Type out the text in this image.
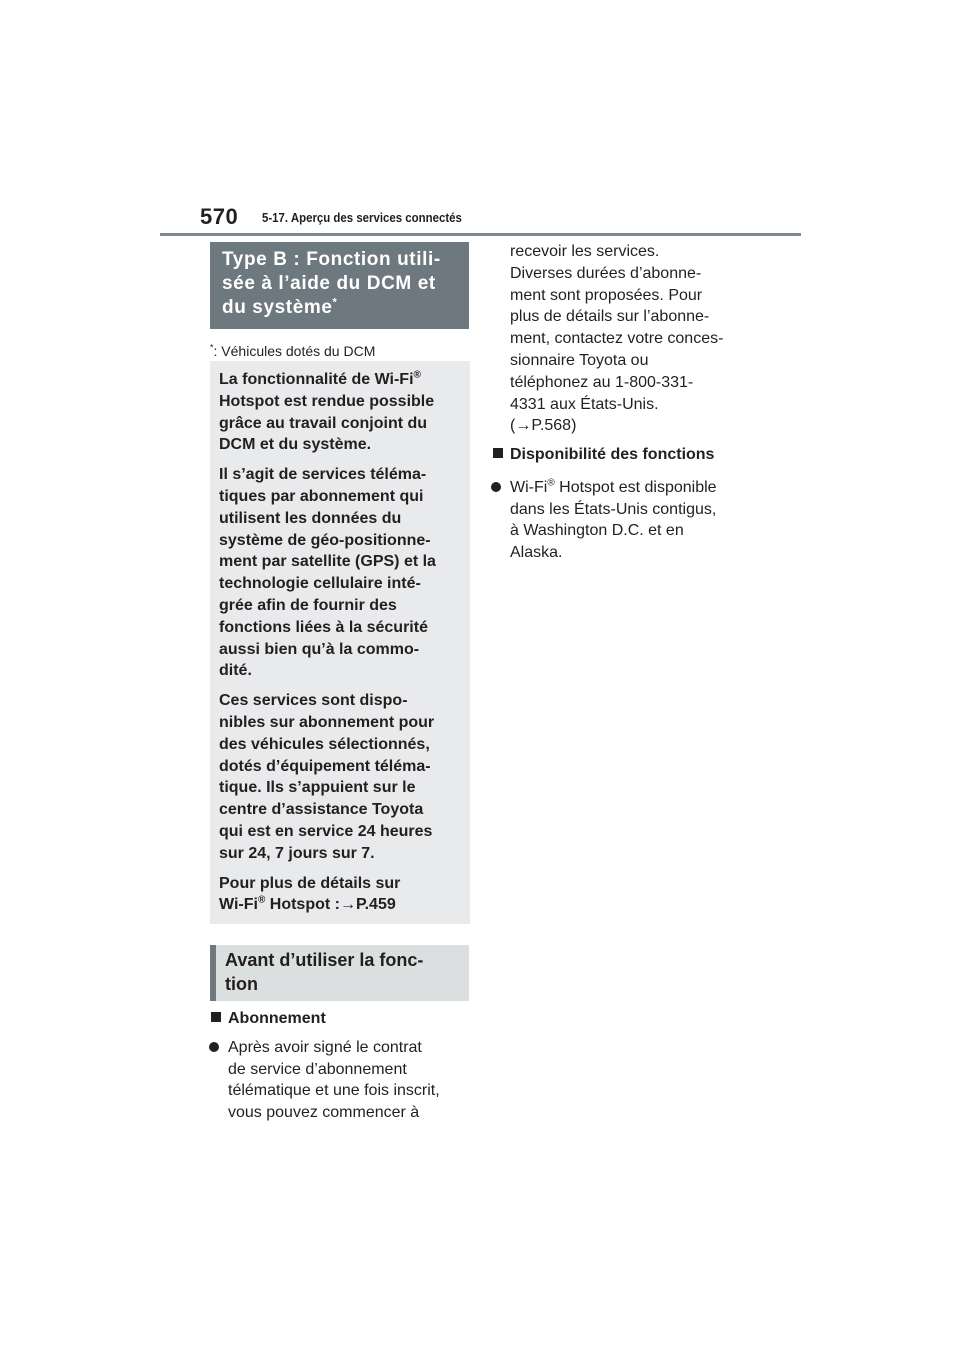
570 5-17. Aperçu des services connectés
Type B : Fonction utili-
sée à l’aide du DCM et
du système*
*: Véhicules dotés du DCM

La fonctionnalité de Wi-Fi®
Hotspot est rendue possible
grâce au travail conjoint du
DCM et du système.

Il s’agit de services téléma-
tiques par abonnement qui
utilisent les données du
système de géo-positionne-
ment par satellite (GPS) et la
technologie cellulaire inté-
grée afin de fournir des
fonctions liées à la sécurité
aussi bien qu’à la commo-
dité.

Ces services sont dispo-
nibles sur abonnement pour
des véhicules sélectionnés,
dotés d’équipement téléma-
tique. Ils s’appuient sur le
centre d’assistance Toyota
qui est en service 24 heures
sur 24, 7 jours sur 7.

Pour plus de détails sur
Wi-Fi® Hotspot :→P.459

Avant d’utiliser la fonc-
tion
Abonnement
Après avoir signé le contrat
de service d’abonnement
télématique et une fois inscrit,
vous pouvez commencer à
recevoir les services.
Diverses durées d’abonne-
ment sont proposées. Pour
plus de détails sur l’abonne-
ment, contactez votre conces-
sionnaire Toyota ou
téléphonez au 1-800-331-
4331 aux États-Unis.
(→P.568)
Disponibilité des fonctions
Wi-Fi® Hotspot est disponible
dans les États-Unis contigus,
à Washington D.C. et en
Alaska.
